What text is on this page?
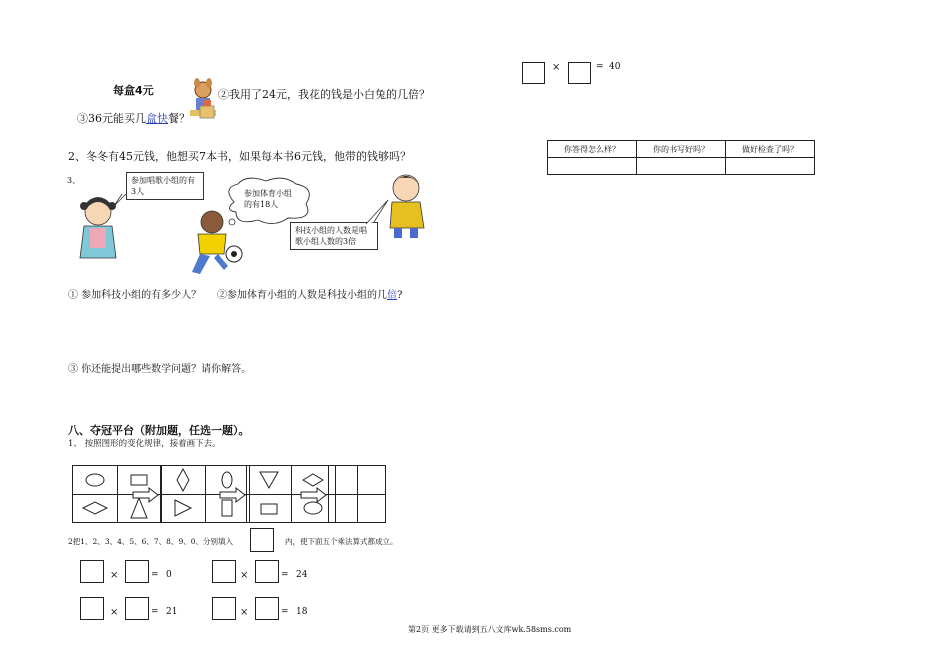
每盒4元	②我用了24元，我花的钱是小白兔的几倍？
③36元能买几盒快餐？
2、冬冬有45元钱，他想买7本书，如果每本书6元钱，他带的钱够吗？
3、	参加唱歌小组的有3人	参加体育小组的有18人
科技小组的人数是唱歌小组人数的3倍
① 参加科技小组的有多少人？ ②参加体育小组的人数是科技小组的几倍?
③ 你还能提出哪些数学问题？请你解答。
八、夺冠平台（附加题，任选一题）。
1、 按照图形的变化规律，接着画下去。
2把1、2、3、4、5、6、7、8、9、0、分别填入	内，使下面五个乘法算式都成立。
×	= 0	×	= 24
×	= 21	×	= 18
×	= 40
你答得怎么样？	你的书写好吗？	做好检查了吗？

第2页 更多下载请到五八文库wk.58sms.com
